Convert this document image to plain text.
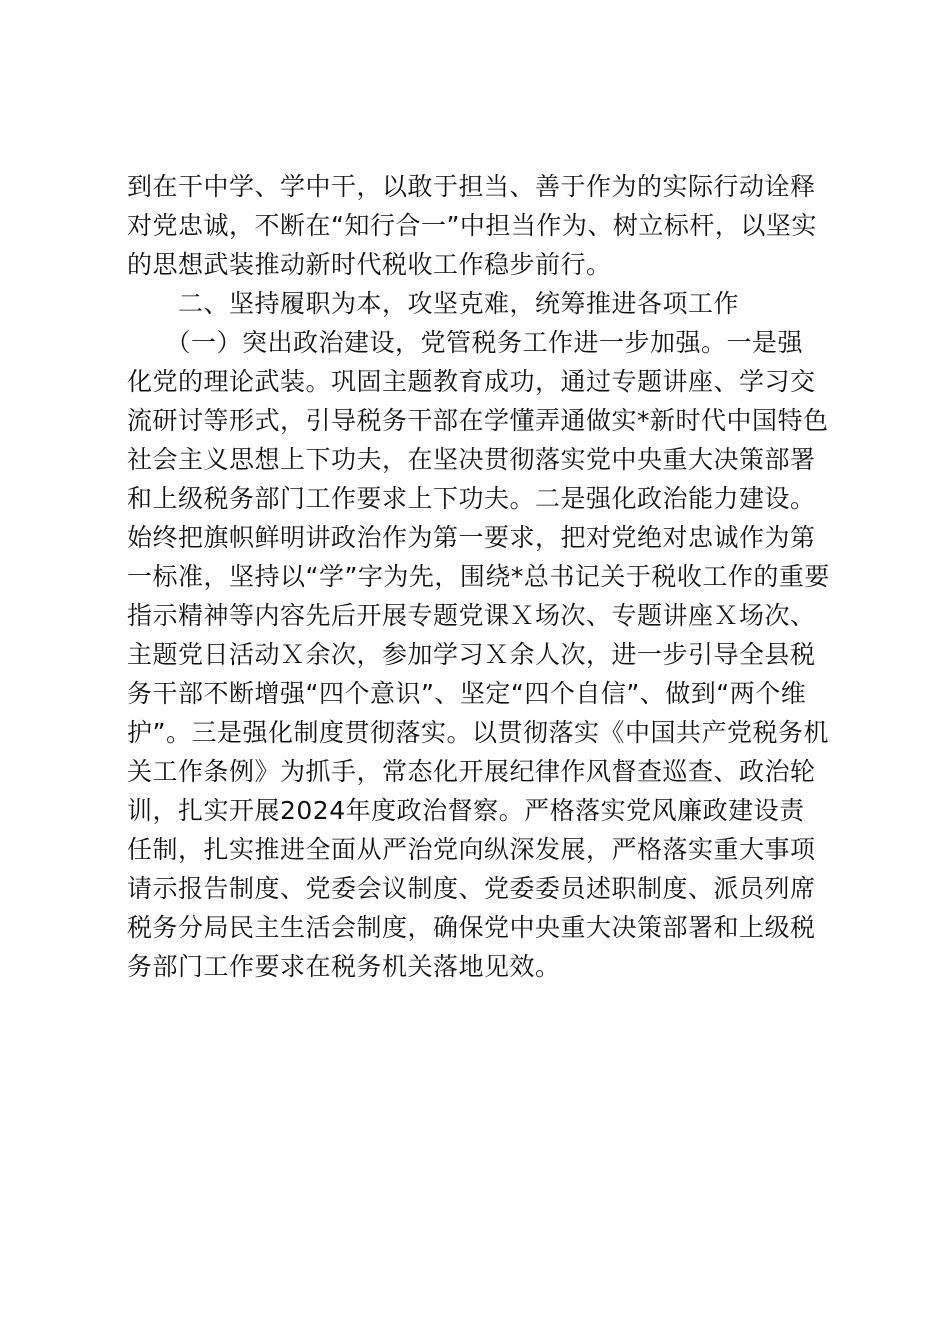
到在干中学、学中干，以敢于担当、善于作为的实际行动诠释
对党忠诚，不断在“知行合一”中担当作为、树立标杆，以坚实
的思想武装推动新时代税收工作稳步前行。
　　二、坚持履职为本，攻坚克难，统筹推进各项工作
　　（一）突出政治建设，党管税务工作进一步加强。一是强
化党的理论武装。巩固主题教育成功，通过专题讲座、学习交
流研讨等形式，引导税务干部在学懂弄通做实*新时代中国特色
社会主义思想上下功夫，在坚决贯彻落实党中央重大决策部署
和上级税务部门工作要求上下功夫。二是强化政治能力建设。
始终把旗帜鲜明讲政治作为第一要求，把对党绝对忠诚作为第
一标准，坚持以“学”字为先，围绕*总书记关于税收工作的重要
指示精神等内容先后开展专题党课Ｘ场次、专题讲座Ｘ场次、
主题党日活动Ｘ余次，参加学习Ｘ余人次，进一步引导全县税
务干部不断增强“四个意识”、坚定“四个自信”、做到“两个维
护”。三是强化制度贯彻落实。以贯彻落实《中国共产党税务机
关工作条例》为抓手，常态化开展纪律作风督查巡查、政治轮
训，扎实开展2024年度政治督察。严格落实党风廉政建设责
任制，扎实推进全面从严治党向纵深发展，严格落实重大事项
请示报告制度、党委会议制度、党委委员述职制度、派员列席
税务分局民主生活会制度，确保党中央重大决策部署和上级税
务部门工作要求在税务机关落地见效。
